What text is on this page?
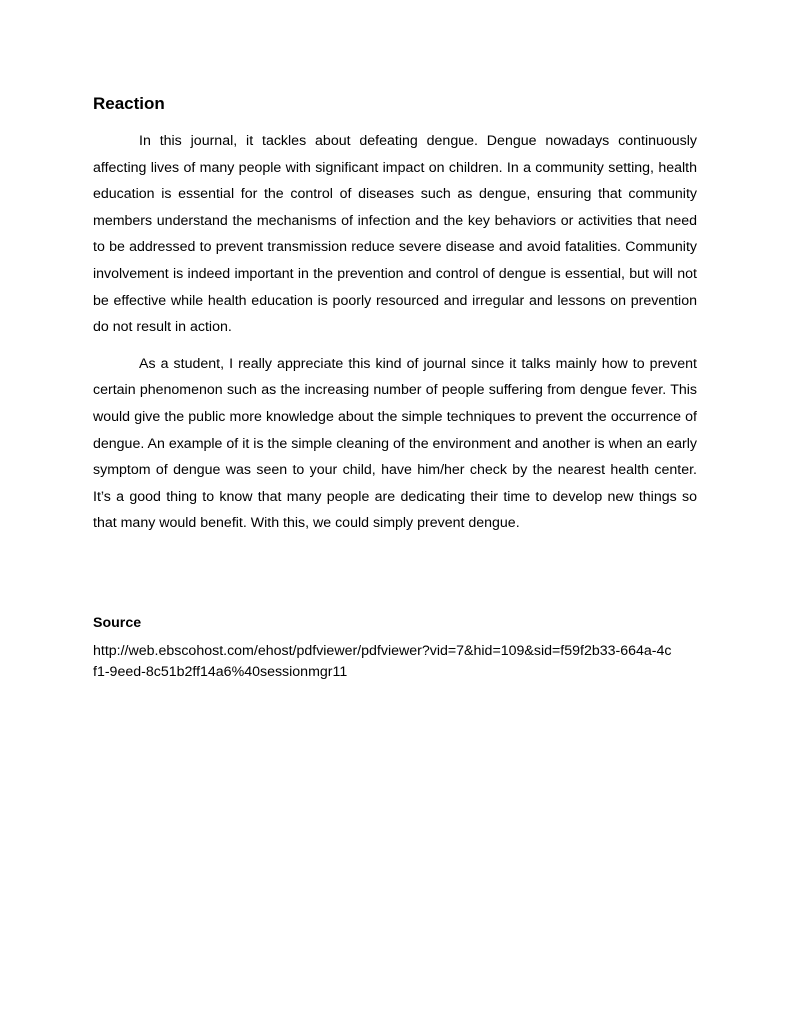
Reaction

In this journal, it tackles about defeating dengue. Dengue nowadays continuously affecting lives of many people with significant impact on children. In a community setting, health education is essential for the control of diseases such as dengue, ensuring that community members understand the mechanisms of infection and the key behaviors or activities that need to be addressed to prevent transmission reduce severe disease and avoid fatalities. Community involvement is indeed important in the prevention and control of dengue is essential, but will not be effective while health education is poorly resourced and irregular and lessons on prevention do not result in action.

As a student, I really appreciate this kind of journal since it talks mainly how to prevent certain phenomenon such as the increasing number of people suffering from dengue fever. This would give the public more knowledge about the simple techniques to prevent the occurrence of dengue. An example of it is the simple cleaning of the environment and another is when an early symptom of dengue was seen to your child, have him/her check by the nearest health center. It’s a good thing to know that many people are dedicating their time to develop new things so that many would benefit. With this, we could simply prevent dengue.

Source
http://web.ebscohost.com/ehost/pdfviewer/pdfviewer?vid=7&hid=109&sid=f59f2b33-664a-4cf1-9eed-8c51b2ff14a6%40sessionmgr11
